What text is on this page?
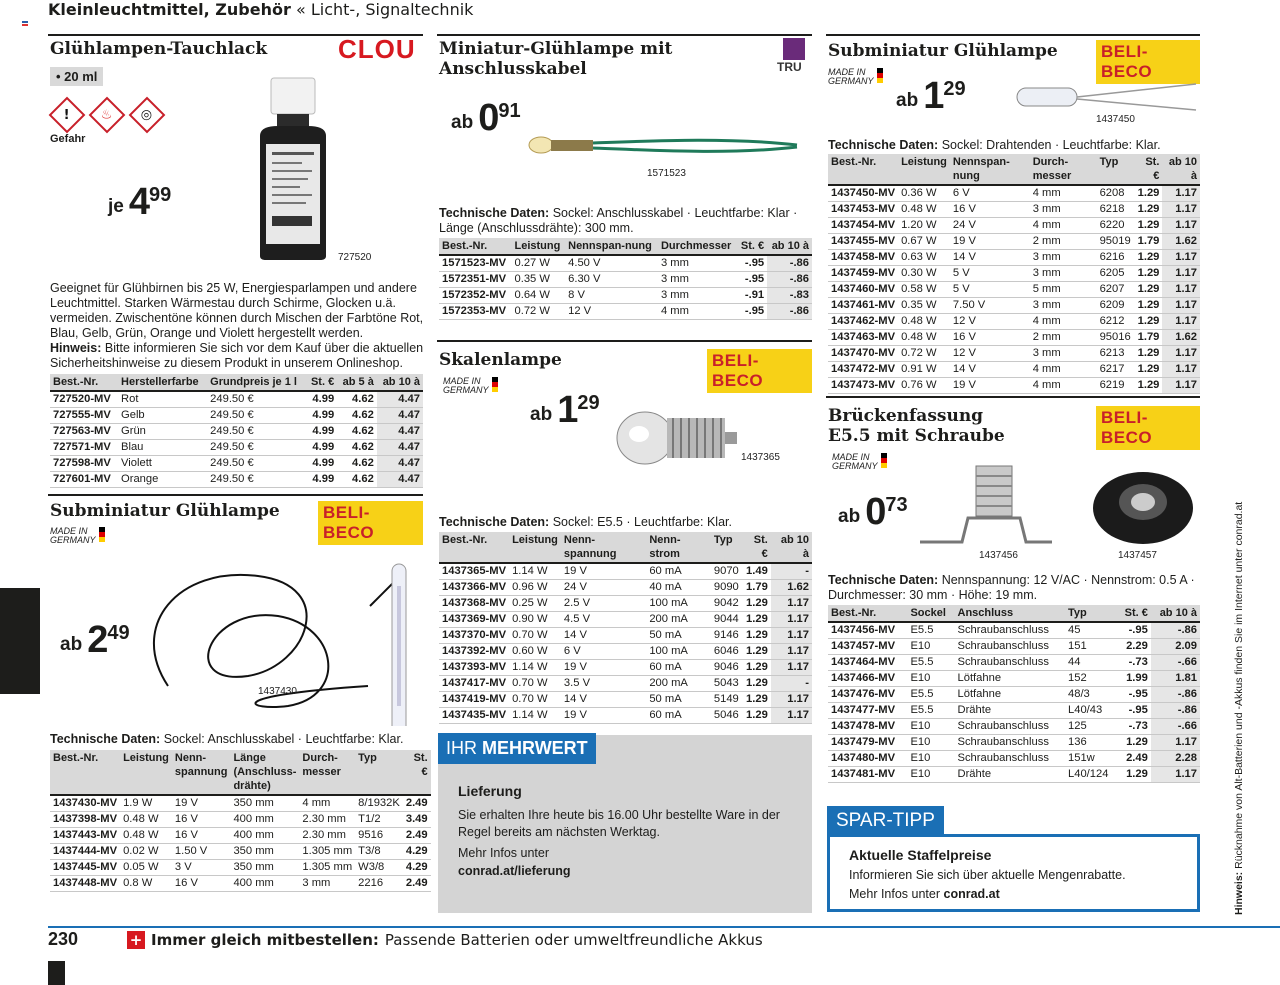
Kleinleuchtmittel, Zubehör « Licht-, Signaltechnik
Glühlampen-Tauchlack	CLOU
• 20 ml
! ♨ ◎
Gefahr
je 4 99
727520
Geeignet für Glühbirnen bis 25 W, Energiesparlampen und andere Leuchtmittel. Starken Wärmestau durch Schirme, Glocken u.ä. vermeiden. Zwischentöne können durch Mischen der Farbtöne Rot, Blau, Gelb, Grün, Orange und Violett hergestellt werden.
Hinweis: Bitte informieren Sie sich vor dem Kauf über die aktuellen Sicherheitshinweise zu diesem Produkt in unserem Onlineshop.
Best.-Nr.	Herstellerfarbe	Grundpreis je 1 l	St. €	ab 5 à	ab 10 à
727520-MV	Rot	249.50 €	4.99	4.62	4.47
727555-MV	Gelb	249.50 €	4.99	4.62	4.47
727563-MV	Grün	249.50 €	4.99	4.62	4.47
727571-MV	Blau	249.50 €	4.99	4.62	4.47
727598-MV	Violett	249.50 €	4.99	4.62	4.47
727601-MV	Orange	249.50 €	4.99	4.62	4.47
Subminiatur Glühlampe	BELI-BECO
MADE IN GERMANY
ab 2 49
1437430
Technische Daten: Sockel: Anschlusskabel · Leuchtfarbe: Klar.
Best.-Nr.	Leistung	Nenn-spannung	Länge (Anschluss-drähte)	Durch-messer	Typ	St. €
1437430-MV	1.9 W	19 V	350 mm	4 mm	8/1932K	2.49
1437398-MV	0.48 W	16 V	400 mm	2.30 mm	T1/2	3.49
1437443-MV	0.48 W	16 V	400 mm	2.30 mm	9516	2.49
1437444-MV	0.02 W	1.50 V	350 mm	1.305 mm	T3/8	4.29
1437445-MV	0.05 W	3 V	350 mm	1.305 mm	W3/8	4.29
1437448-MV	0.8 W	16 V	400 mm	3 mm	2216	2.49
Miniatur-Glühlampe mit Anschlusskabel	TRU
ab 0 91
1571523
Technische Daten: Sockel: Anschlusskabel · Leuchtfarbe: Klar · Länge (Anschlussdrähte): 300 mm.
Best.-Nr.	Leistung	Nennspan-nung	Durchmesser	St. €	ab 10 à
1571523-MV	0.27 W	4.50 V	3 mm	-.95	-.86
1572351-MV	0.35 W	6.30 V	3 mm	-.95	-.86
1572352-MV	0.64 W	8 V	3 mm	-.91	-.83
1572353-MV	0.72 W	12 V	4 mm	-.95	-.86
Skalenlampe	BELI-BECO
MADE IN GERMANY
ab 1 29
1437365
Technische Daten: Sockel: E5.5 · Leuchtfarbe: Klar.
Best.-Nr.	Leistung	Nenn-spannung	Nenn-strom	Typ	St. €	ab 10 à
1437365-MV	1.14 W	19 V	60 mA	9070	1.49	-
1437366-MV	0.96 W	24 V	40 mA	9090	1.79	1.62
1437368-MV	0.25 W	2.5 V	100 mA	9042	1.29	1.17
1437369-MV	0.90 W	4.5 V	200 mA	9044	1.29	1.17
1437370-MV	0.70 W	14 V	50 mA	9146	1.29	1.17
1437392-MV	0.60 W	6 V	100 mA	6046	1.29	1.17
1437393-MV	1.14 W	19 V	60 mA	9046	1.29	1.17
1437417-MV	0.70 W	3.5 V	200 mA	5043	1.29	-
1437419-MV	0.70 W	14 V	50 mA	5149	1.29	1.17
1437435-MV	1.14 W	19 V	60 mA	5046	1.29	1.17
Lieferung
Sie erhalten Ihre heute bis 16.00 Uhr bestellte Ware in der Regel bereits am nächsten Werktag.
Mehr Infos unter
conrad.at/lieferung
IHR MEHRWERT
Subminiatur Glühlampe	BELI-BECO
MADE IN GERMANY
ab 1 29
1437450
Technische Daten: Sockel: Drahtenden · Leuchtfarbe: Klar.
Best.-Nr.	Leistung	Nennspan-nung	Durch-messer	Typ	St. €	ab 10 à
1437450-MV	0.36 W	6 V	4 mm	6208	1.29	1.17
1437453-MV	0.48 W	16 V	3 mm	6218	1.29	1.17
1437454-MV	1.20 W	24 V	4 mm	6220	1.29	1.17
1437455-MV	0.67 W	19 V	2 mm	95019	1.79	1.62
1437458-MV	0.63 W	14 V	3 mm	6216	1.29	1.17
1437459-MV	0.30 W	5 V	3 mm	6205	1.29	1.17
1437460-MV	0.58 W	5 V	5 mm	6207	1.29	1.17
1437461-MV	0.35 W	7.50 V	3 mm	6209	1.29	1.17
1437462-MV	0.48 W	12 V	4 mm	6212	1.29	1.17
1437463-MV	0.48 W	16 V	2 mm	95016	1.79	1.62
1437470-MV	0.72 W	12 V	3 mm	6213	1.29	1.17
1437472-MV	0.91 W	14 V	4 mm	6217	1.29	1.17
1437473-MV	0.76 W	19 V	4 mm	6219	1.29	1.17
Brückenfassung E5.5 mit Schraube
BELI-BECO
MADE IN GERMANY
ab 0 73
1437456	1437457
Technische Daten: Nennspannung: 12 V/AC · Nennstrom: 0.5 A · Durchmesser: 30 mm · Höhe: 19 mm.
Best.-Nr.	Sockel	Anschluss	Typ	St. €	ab 10 à
1437456-MV	E5.5	Schraubanschluss	45	-.95	-.86
1437457-MV	E10	Schraubanschluss	151	2.29	2.09
1437464-MV	E5.5	Schraubanschluss	44	-.73	-.66
1437466-MV	E10	Lötfahne	152	1.99	1.81
1437476-MV	E5.5	Lötfahne	48/3	-.95	-.86
1437477-MV	E5.5	Drähte	L40/43	-.95	-.86
1437478-MV	E10	Schraubanschluss	125	-.73	-.66
1437479-MV	E10	Schraubanschluss	136	1.29	1.17
1437480-MV	E10	Schraubanschluss	151w	2.49	2.28
1437481-MV	E10	Drähte	L40/124	1.29	1.17
Aktuelle Staffelpreise
Informieren Sie sich über aktuelle Mengenrabatte.
Mehr Infos unter conrad.at
SPAR-TIPP
Hinweis: Rücknahme von Alt-Batterien und -Akkus finden Sie im Internet unter conrad.at
230	+ Immer gleich mitbestellen: Passende Batterien oder umweltfreundliche Akkus
